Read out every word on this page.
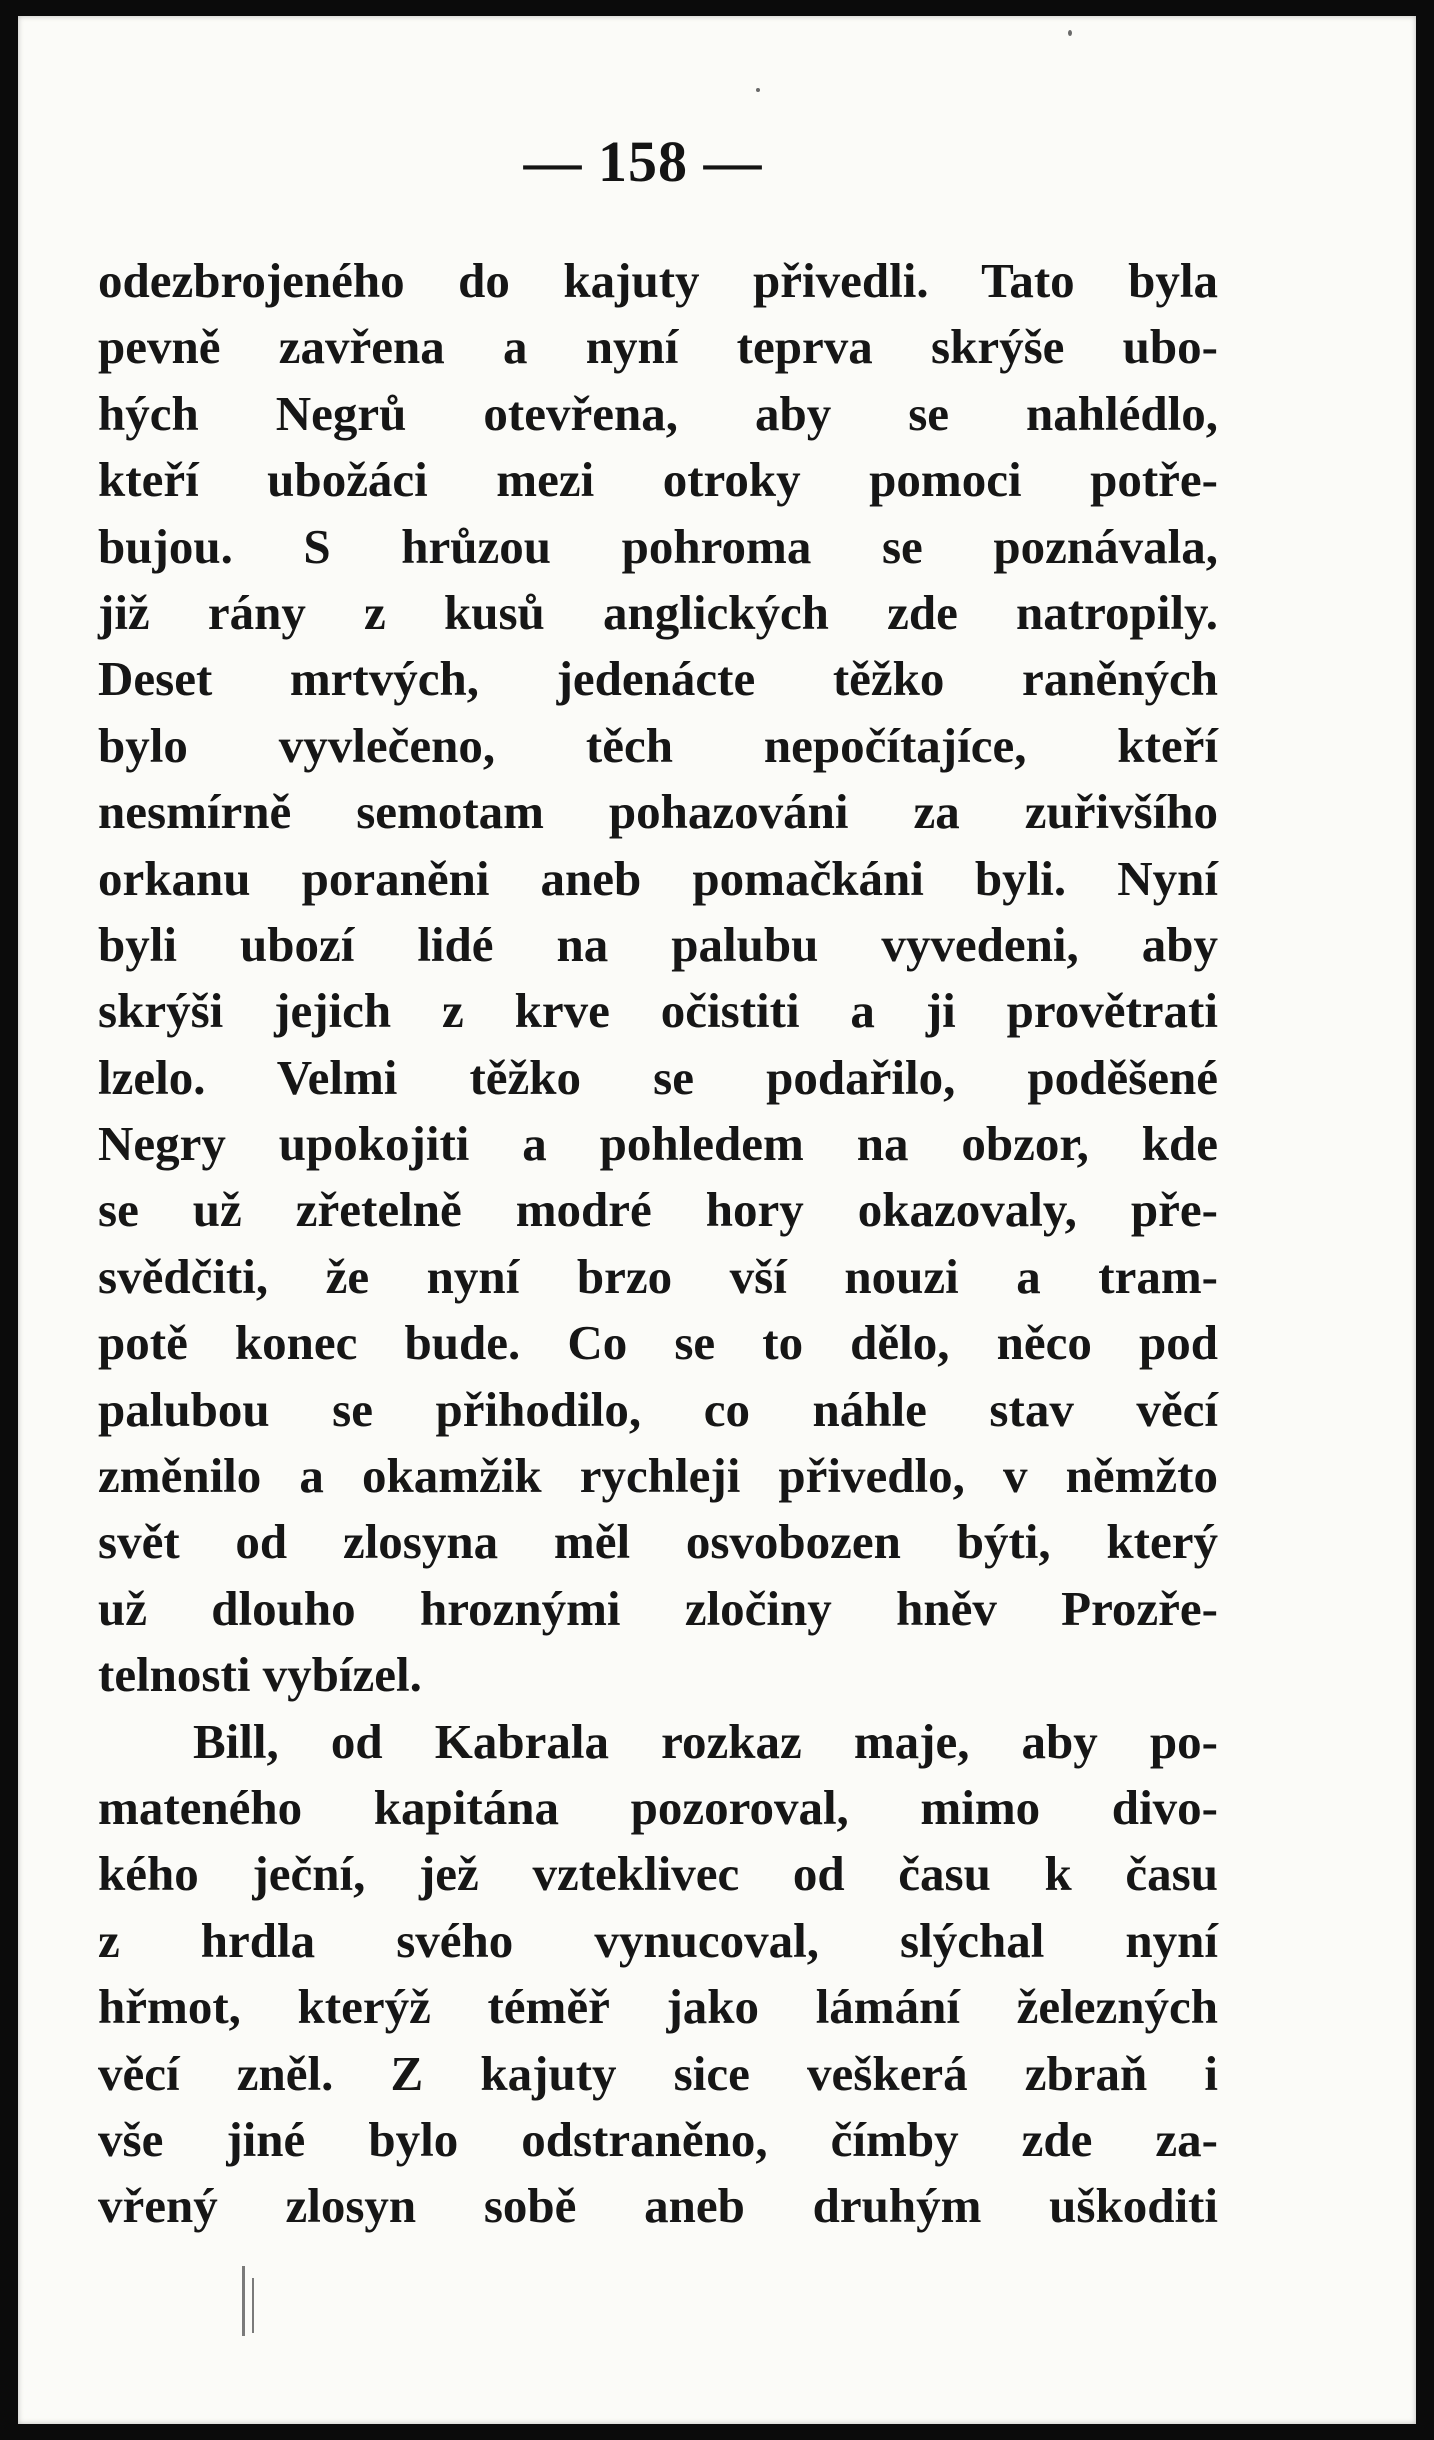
— 158 —
odezbrojeného do kajuty přivedli. Tato byla
pevně zavřena a nyní teprva skrýše ubo-
hých Negrů otevřena, aby se nahlédlo,
kteří ubožáci mezi otroky pomoci potře-
bujou. S hrůzou pohroma se poznávala,
již rány z kusů anglických zde natropily.
Deset mrtvých, jedenácte těžko raněných
bylo vyvlečeno, těch nepočítajíce, kteří
nesmírně semotam pohazováni za zuřivšího
orkanu poraněni aneb pomačkáni byli. Nyní
byli ubozí lidé na palubu vyvedeni, aby
skrýši jejich z krve očistiti a ji provětrati
lzelo. Velmi těžko se podařilo, poděšené
Negry upokojiti a pohledem na obzor, kde
se už zřetelně modré hory okazovaly, pře-
svědčiti, že nyní brzo vší nouzi a tram-
potě konec bude. Co se to dělo, něco pod
palubou se přihodilo, co náhle stav věcí
změnilo a okamžik rychleji přivedlo, v němžto
svět od zlosyna měl osvobozen býti, který
už dlouho hroznými zločiny hněv Prozře-
telnosti vybízel.
Bill, od Kabrala rozkaz maje, aby po-
mateného kapitána pozoroval, mimo divo-
kého ječní, jež vzteklivec od času k času
z hrdla svého vynucoval, slýchal nyní
hřmot, kterýž téměř jako lámání železných
věcí zněl. Z kajuty sice veškerá zbraň i
vše jiné bylo odstraněno, čímby zde za-
vřený zlosyn sobě aneb druhým uškoditi
